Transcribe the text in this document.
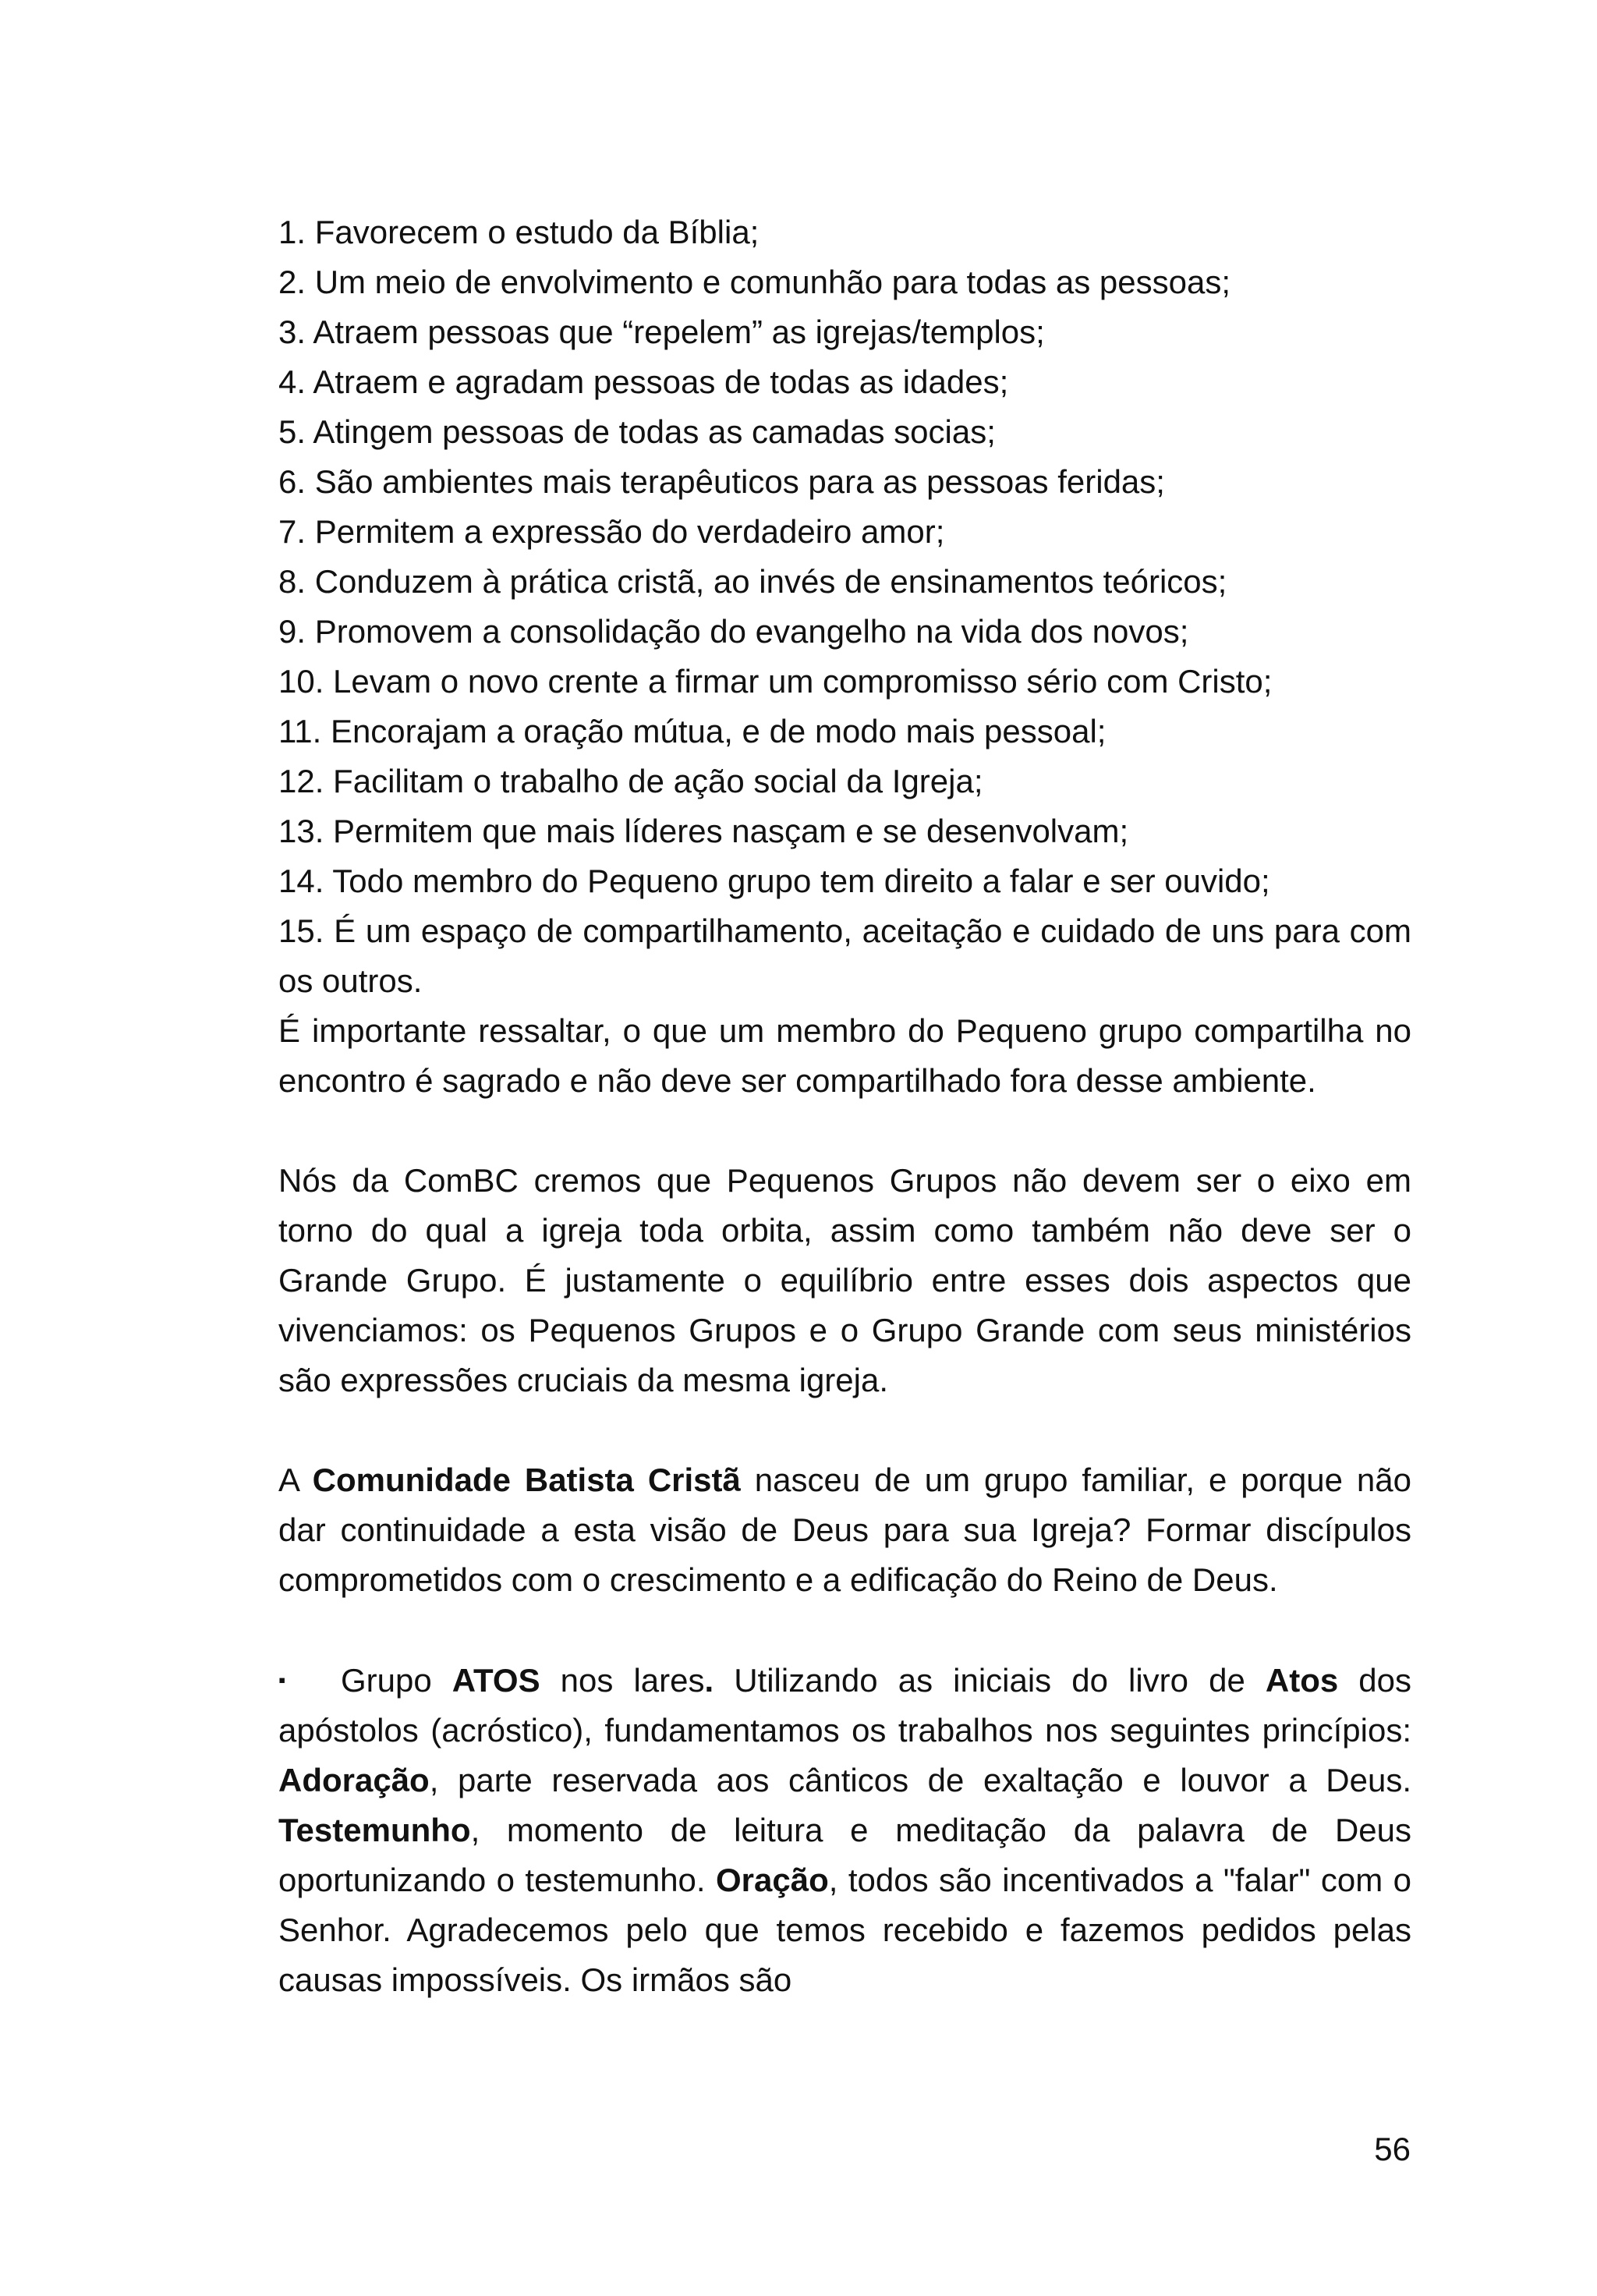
1. Favorecem o estudo da Bíblia;
2. Um meio de envolvimento e comunhão para todas as pessoas;
3. Atraem pessoas que “repelem” as igrejas/templos;
4. Atraem e agradam pessoas de todas as idades;
5. Atingem pessoas de todas as camadas socias;
6. São ambientes mais terapêuticos para as pessoas feridas;
7. Permitem a expressão do verdadeiro amor;
8. Conduzem à prática cristã, ao invés de ensinamentos teóricos;
9. Promovem a consolidação do evangelho na vida dos novos;
10. Levam o novo crente a firmar um compromisso sério com Cristo;
11. Encorajam a oração mútua, e de modo mais pessoal;
12. Facilitam o trabalho de ação social da Igreja;
13. Permitem que mais líderes nasçam e se desenvolvam;
14. Todo membro do Pequeno grupo tem direito a falar e ser ouvido;
15. É um espaço de compartilhamento, aceitação e cuidado de uns para com os outros.

É importante ressaltar, o que um membro do Pequeno grupo compartilha no encontro é sagrado e não deve ser compartilhado fora desse ambiente.

Nós da ComBC cremos que Pequenos Grupos não devem ser o eixo em torno do qual a igreja toda orbita, assim como também não deve ser o Grande Grupo. É justamente o equilíbrio entre esses dois aspectos que vivenciamos: os Pequenos Grupos e o Grupo Grande com seus ministérios são expressões cruciais da mesma igreja.

A Comunidade Batista Cristã nasceu de um grupo familiar, e porque não dar continuidade a esta visão de Deus para sua Igreja? Formar discípulos comprometidos com o crescimento e a edificação do Reino de Deus.

▪ Grupo ATOS nos lares. Utilizando as iniciais do livro de Atos dos apóstolos (acróstico), fundamentamos os trabalhos nos seguintes princípios: Adoração, parte reservada aos cânticos de exaltação e louvor a Deus. Testemunho, momento de leitura e meditação da palavra de Deus oportunizando o testemunho. Oração, todos são incentivados a "falar" com o Senhor. Agradecemos pelo que temos recebido e fazemos pedidos pelas causas impossíveis. Os irmãos são

56
